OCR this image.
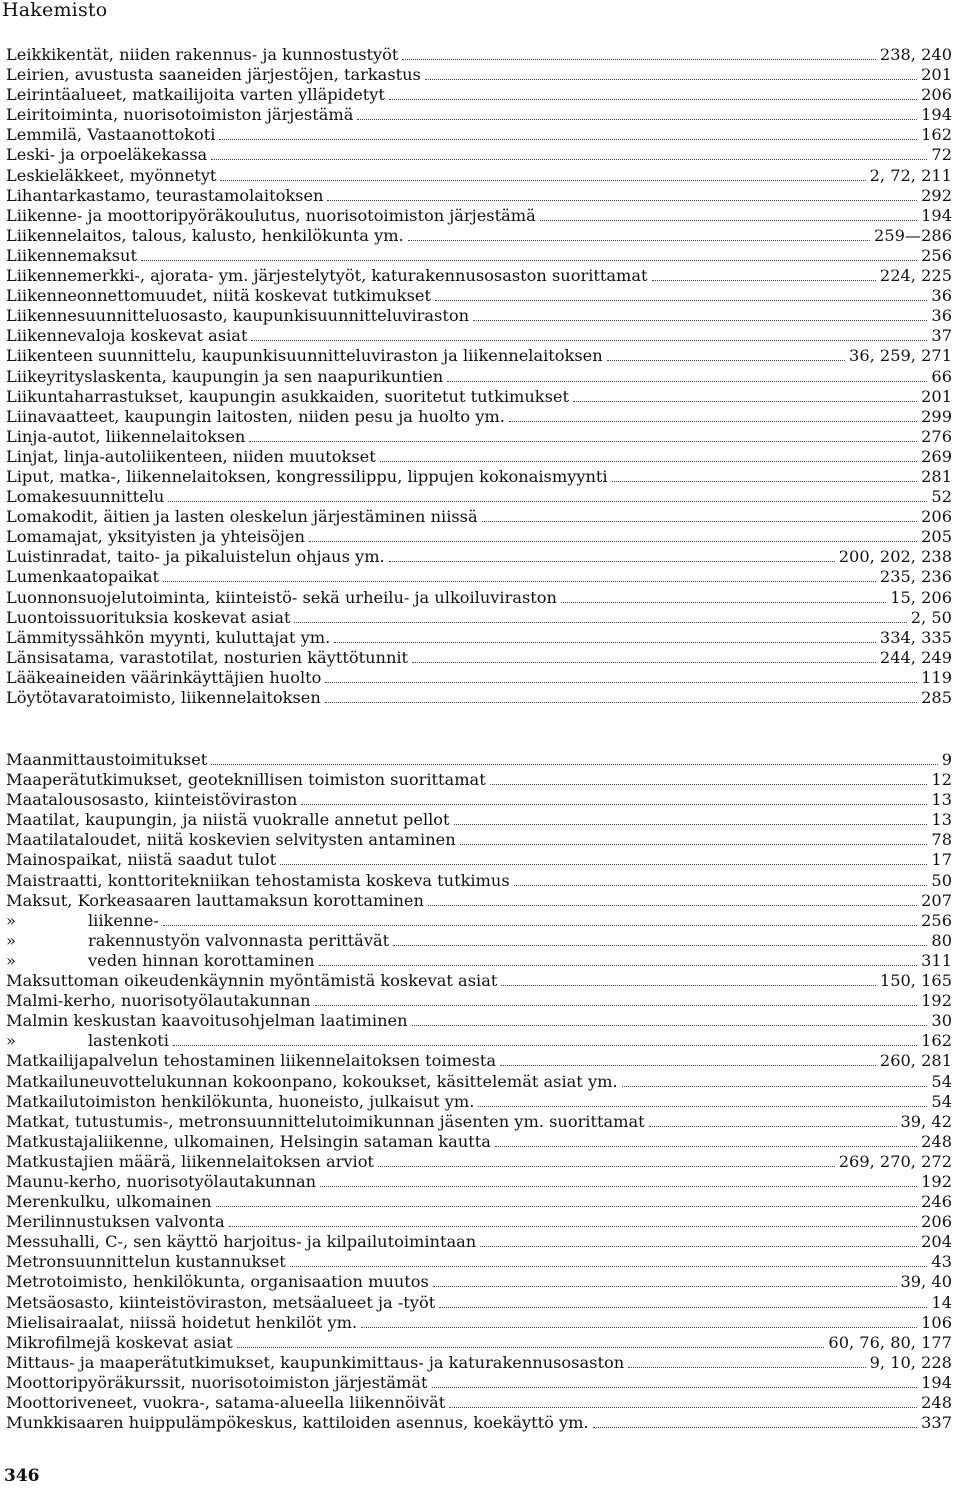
Hakemisto
Leikkikentät, niiden rakennus- ja kunnostustyöt	238, 240
Leirien, avustusta saaneiden järjestöjen, tarkastus	201
Leirintäalueet, matkailijoita varten ylläpidetyt	206
Leiritoiminta, nuorisotoimiston järjestämä	194
Lemmilä, Vastaanottokoti	162
Leski- ja orpoeläkekassa	72
Leskieläkkeet, myönnetyt	2, 72, 211
Lihantarkastamo, teurastamolaitoksen	292
Liikenne- ja moottoripyöräkoulutus, nuorisotoimiston järjestämä	194
Liikennelaitos, talous, kalusto, henkilökunta ym.	259—286
Liikennemaksut	256
Liikennemerkki-, ajorata- ym. järjestelytyöt, katurakennusosaston suorittamat	224, 225
Liikenneonnettomuudet, niitä koskevat tutkimukset	36
Liikennesuunnitteluosasto, kaupunkisuunnitteluviraston	36
Liikennevaloja koskevat asiat	37
Liikenteen suunnittelu, kaupunkisuunnitteluviraston ja liikennelaitoksen	36, 259, 271
Liikeyrityslaskenta, kaupungin ja sen naapurikuntien	66
Liikuntaharrastukset, kaupungin asukkaiden, suoritetut tutkimukset	201
Liinavaatteet, kaupungin laitosten, niiden pesu ja huolto ym.	299
Linja-autot, liikennelaitoksen	276
Linjat, linja-autoliikenteen, niiden muutokset	269
Liput, matka-, liikennelaitoksen, kongressilippu, lippujen kokonaismyynti	281
Lomakesuunnittelu	52
Lomakodit, äitien ja lasten oleskelun järjestäminen niissä	206
Lomamajat, yksityisten ja yhteisöjen	205
Luistinradat, taito- ja pikaluistelun ohjaus ym.	200, 202, 238
Lumenkaatopaikat	235, 236
Luonnonsuojelutoiminta, kiinteistö- sekä urheilu- ja ulkoiluviraston	15, 206
Luontoissuorituksia koskevat asiat	2, 50
Lämmityssähkön myynti, kuluttajat ym.	334, 335
Länsisatama, varastotilat, nosturien käyttötunnit	244, 249
Lääkeaineiden väärinkäyttäjien huolto	119
Löytötavaratoimisto, liikennelaitoksen	285
Maanmittaustoimitukset	9
Maaperätutkimukset, geoteknillisen toimiston suorittamat	12
Maatalousosasto, kiinteistöviraston	13
Maatilat, kaupungin, ja niistä vuokralle annetut pellot	13
Maatilataloudet, niitä koskevien selvitysten antaminen	78
Mainospaikat, niistä saadut tulot	17
Maistraatti, konttoritekniikan tehostamista koskeva tutkimus	50
Maksut, Korkeasaaren lauttamaksun korottaminen	207
»	liikenne-	256
»	rakennustyön valvonnasta perittävät	80
»	veden hinnan korottaminen	311
Maksuttoman oikeudenkäynnin myöntämistä koskevat asiat	150, 165
Malmi-kerho, nuorisotyölautakunnan	192
Malmin keskustan kaavoitusohjelman laatiminen	30
»	lastenkoti	162
Matkailijapalvelun tehostaminen liikennelaitoksen toimesta	260, 281
Matkailuneuvottelukunnan kokoonpano, kokoukset, käsittelemät asiat ym.	54
Matkailutoimiston henkilökunta, huoneisto, julkaisut ym.	54
Matkat, tutustumis-, metronsuunnittelutoimikunnan jäsenten ym. suorittamat	39, 42
Matkustajaliikenne, ulkomainen, Helsingin sataman kautta	248
Matkustajien määrä, liikennelaitoksen arviot	269, 270, 272
Maunu-kerho, nuorisotyölautakunnan	192
Merenkulku, ulkomainen	246
Merilinnustuksen valvonta	206
Messuhalli, C-, sen käyttö harjoitus- ja kilpailutoimintaan	204
Metronsuunnittelun kustannukset	43
Metrotoimisto, henkilökunta, organisaation muutos	39, 40
Metsäosasto, kiinteistöviraston, metsäalueet ja -työt	14
Mielisairaalat, niissä hoidetut henkilöt ym.	106
Mikrofilmejä koskevat asiat	60, 76, 80, 177
Mittaus- ja maaperätutkimukset, kaupunkimittaus- ja katurakennusosaston	9, 10, 228
Moottoripyöräkurssit, nuorisotoimiston järjestämät	194
Moottoriveneet, vuokra-, satama-alueella liikennöivät	248
Munkkisaaren huippulämpökeskus, kattiloiden asennus, koekäyttö ym.	337
346
